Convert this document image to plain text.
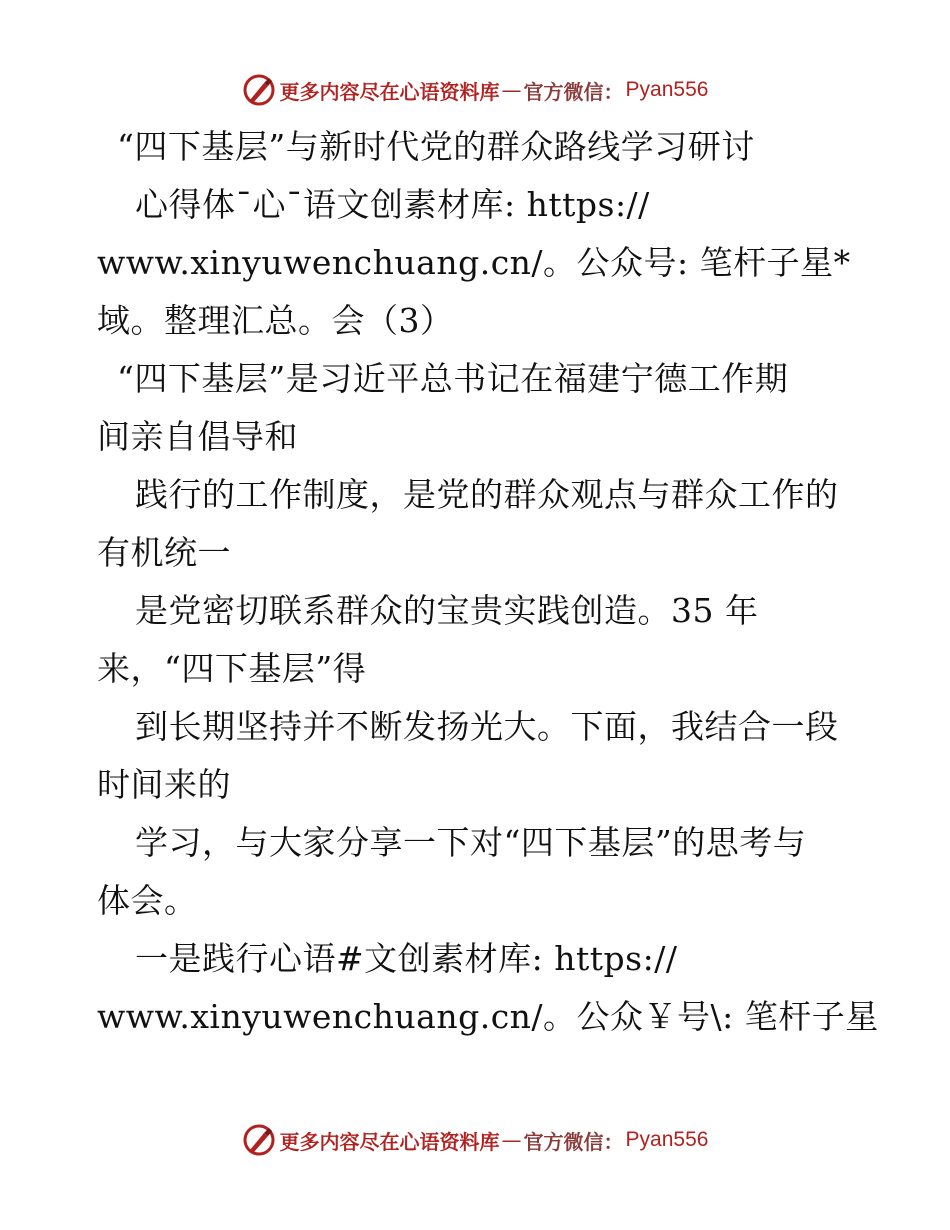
更多内容尽在心语资料库 — 官方微信： Pyan556
“四下基层”与新时代党的群众路线学习研讨
心得体¯心¯语文创素材库: https://
www.xinyuwenchuang.cn/。公众号: 笔杆子星*
域。整理汇总。会（3）
“四下基层”是习近平总书记在福建宁德工作期
间亲自倡导和
践行的工作制度，是党的群众观点与群众工作的
有机统一
是党密切联系群众的宝贵实践创造。35 年
来，“四下基层”得
到长期坚持并不断发扬光大。下面，我结合一段
时间来的
学习，与大家分享一下对“四下基层”的思考与
体会。
一是践行心语#文创素材库: https://
www.xinyuwenchuang.cn/。公众￥号\: 笔杆子星
更多内容尽在心语资料库 — 官方微信： Pyan556
